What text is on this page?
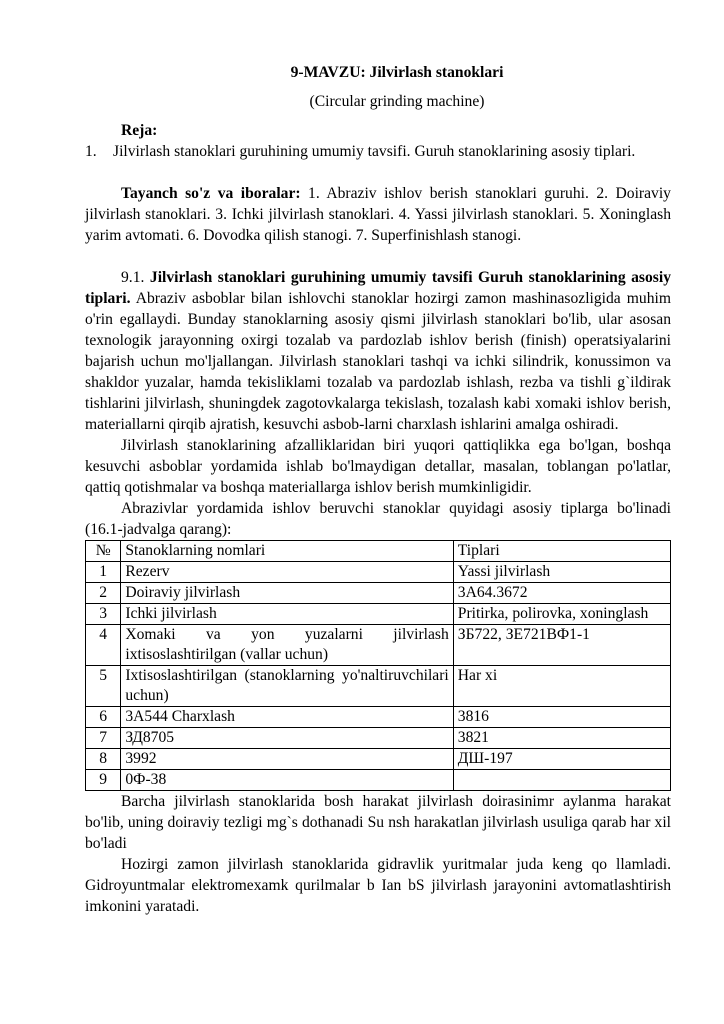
9-MAVZU: Jilvirlash stanoklari
(Circular grinding machine)

Reja:

1. Jilvirlash stanoklari guruhining umumiy tavsifi. Guruh stanoklarining asosiy tiplari.

Tayanch so'z va iboralar: 1. Abraziv ishlov berish stanoklari guruhi. 2. Doiraviy jilvirlash stanoklari. 3. Ichki jilvirlash stanoklari. 4. Yassi jilvirlash stanoklari. 5. Xoninglash yarim avtomati. 6. Dovodka qilish stanogi. 7. Superfinishlash stanogi.

9.1. Jilvirlash stanoklari guruhining umumiy tavsifi Guruh stanoklarining asosiy tiplari. Abraziv asboblar bilan ishlovchi stanoklar hozirgi zamon mashinasozligida muhim o'rin egallaydi. Bunday stanoklarning asosiy qismi jilvirlash stanoklari bo'lib, ular asosan texnologik jarayonning oxirgi tozalab va pardozlab ishlov berish (finish) operatsiyalarini bajarish uchun mo'ljallangan. Jilvirlash stanoklari tashqi va ichki silindrik, konussimon va shakldor yuzalar, hamda tekisliklami tozalab va pardozlab ishlash, rezba va tishli g`ildirak tishlarini jilvirlash, shuningdek zagotovkalarga tekislash, tozalash kabi xomaki ishlov berish, materiallarni qirqib ajratish, kesuvchi asbob-larni charxlash ishlarini amalga oshiradi.

Jilvirlash stanoklarining afzalliklaridan biri yuqori qattiqlikka ega bo'lgan, boshqa kesuvchi asboblar yordamida ishlab bo'lmaydigan detallar, masalan, toblangan po'latlar, qattiq qotishmalar va boshqa materiallarga ishlov berish mumkinligidir.

Abrazivlar yordamida ishlov beruvchi stanoklar quyidagi asosiy tiplarga bo'linadi (16.1-jadvalga qarang):

№	Stanoklarning nomlari	Tiplari
1	Rezerv	Yassi jilvirlash
2	Doiraviy jilvirlash	3A64.3672
3	Ichki jilvirlash	Pritirka, polirovka, xoninglash
4	Xomaki va yon yuzalarni jilvirlash ixtisoslashtirilgan (vallar uchun)	ЗБ722, ЗЕ721ВФ1-1
5	Ixtisoslashtirilgan (stanoklarning yo'naltiruvchilari uchun)	Har xi
6	3A544 Charxlash	3816
7	ЗД8705	3821
8	3992	ДШ-197
9	0Ф-38	

Barcha jilvirlash stanoklarida bosh harakat jilvirlash doirasinimr aylanma harakat bo'lib, uning doiraviy tezligi mg`s dothanadi Su nsh harakatlan jilvirlash usuliga qarab har xil bo'ladi

Hozirgi zamon jilvirlash stanoklarida gidravlik yuritmalar juda keng qo llamladi. Gidroyuntmalar elektromexamk qurilmalar b Ian bS jilvirlash jarayonini avtomatlashtirish imkonini yaratadi.
